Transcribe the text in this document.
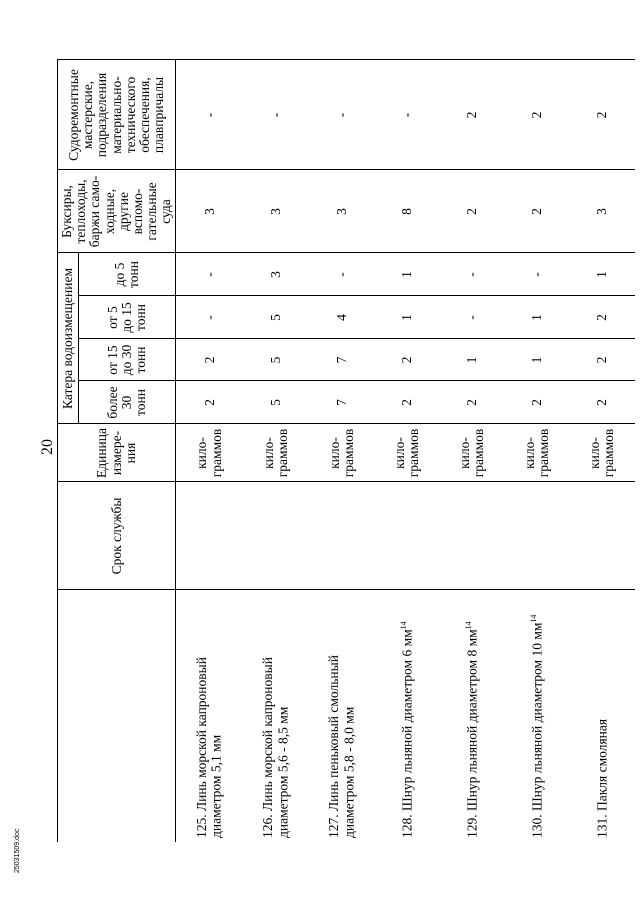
20
	Срок службы	Единица измере-ния	Катера водоизмещением				Буксиры, теплоходы, баржи само-ходные, другие вспомо-гательные суда	Судоремонтные мастерские, подразделения материально-технического обеспечения, плавпричалы
			более 30 тонн	от 15 до 30 тонн	от 5 до 15 тонн	до 5 тонн		
125. Линь морской капроновый диаметром 5,1 мм		кило-граммов	2	2	-	-	3	-
126. Линь морской капроновый диаметром 5,6 - 8,5 мм		кило-граммов	5	5	5	3	3	-
127. Линь пеньковый смольный диаметром 5,8 - 8,0 мм		кило-граммов	7	7	4	-	3	-
128. Шнур льняной диаметром 6 $мм^{14}$		кило-граммов	2	2	1	1	8	-
129. Шнур льняной диаметром 8 $мм^{14}$		кило-граммов	2	1	-	-	2	2
130. Шнур льняной диаметром 10 $мм^{14}$		кило-граммов	2	1	1	-	2	2
131. Пакля смоляная		кило-граммов	2	2	2	1	3	2
25031509.doc
